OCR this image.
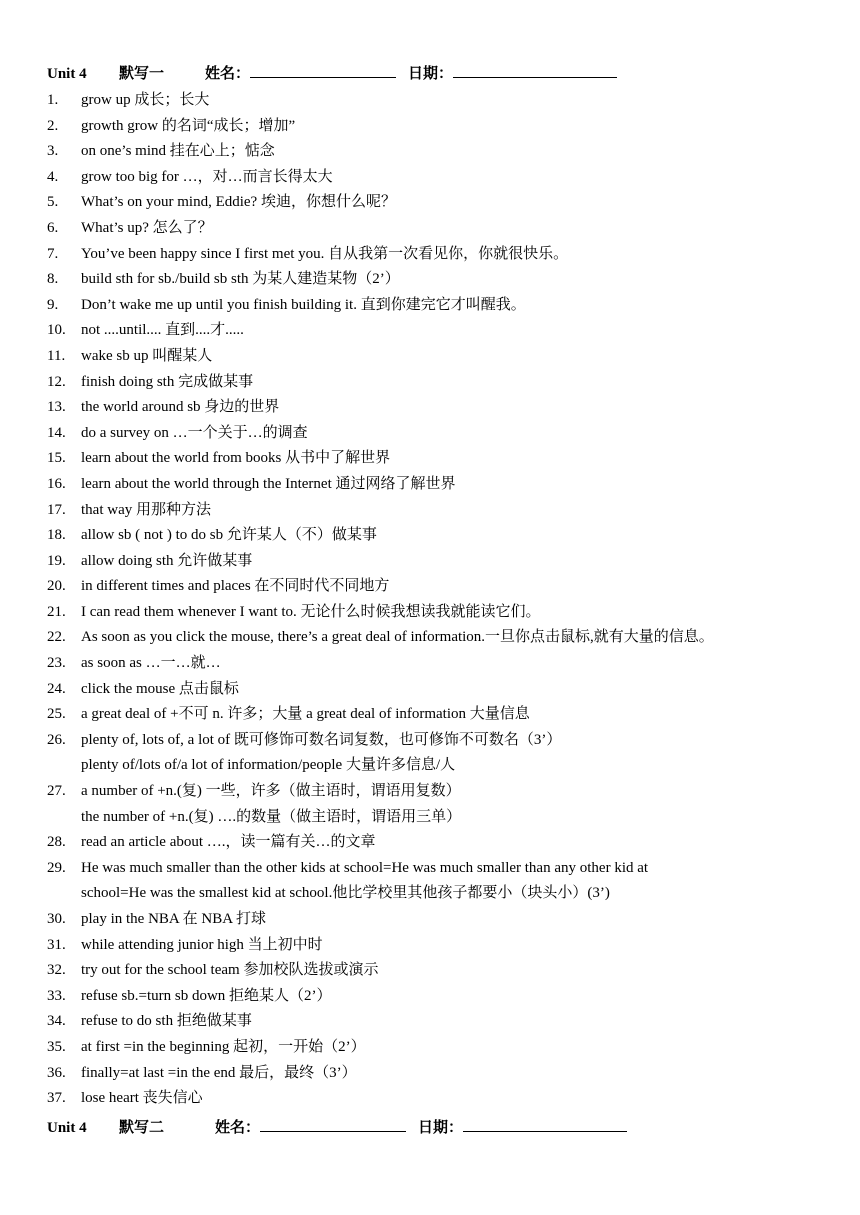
Unit 4 默写一	姓名：	日期：
1.	grow up 成长；长大
2.	growth grow 的名词“成长；增加”
3.	on one’s mind 挂在心上；惦念
4.	grow too big for …，对…而言长得太大
5.	What’s on your mind, Eddie? 埃迪，你想什么呢？
6.	What’s up? 怎么了？
7.	You’ve been happy since I first met you. 自从我第一次看见你，你就很快乐。
8.	build sth for sb./build sb sth 为某人建造某物（2’）
9.	Don’t wake me up until you finish building it. 直到你建完它才叫醒我。
10.	not ....until.... 直到....才.....
11.	wake sb up 叫醒某人
12.	finish doing sth 完成做某事
13.	the world around sb 身边的世界
14.	do a survey on …一个关于…的调查
15.	learn about the world from books 从书中了解世界
16.	learn about the world through the Internet 通过网络了解世界
17.	that way 用那种方法
18.	allow sb ( not ) to do sb 允许某人（不）做某事
19.	allow doing sth 允许做某事
20.	in different times and places 在不同时代不同地方
21.	I can read them whenever I want to. 无论什么时候我想读我就能读它们。
22.	As soon as you click the mouse, there’s a great deal of information.一旦你点击鼠标,就有大量的信息。
23.	as soon as …一…就…
24.	click the mouse 点击鼠标
25.	a great deal of +不可 n. 许多；大量 a great deal of information 大量信息
26.	plenty of, lots of, a lot of 既可修饰可数名词复数，也可修饰不可数名（3’）
plenty of/lots of/a lot of information/people 大量许多信息/人
27.	a number of +n.(复) 一些，许多（做主语时，谓语用复数）
the number of +n.(复) ….的数量（做主语时，谓语用三单）
28.	read an article about ….，读一篇有关…的文章
29.	He was much smaller than the other kids at school=He was much smaller than any other kid at
school=He was the smallest kid at school.他比学校里其他孩子都要小（块头小）(3’)
30.	play in the NBA 在 NBA 打球
31.	while attending junior high 当上初中时
32.	try out for the school team 参加校队选拔或演示
33.	refuse sb.=turn sb down 拒绝某人（2’）
34.	refuse to do sth 拒绝做某事
35.	at first =in the beginning 起初，一开始（2’）
36.	finally=at last =in the end 最后，最终（3’）
37.	lose heart 丧失信心
Unit 4 默写二	姓名：	日期：
